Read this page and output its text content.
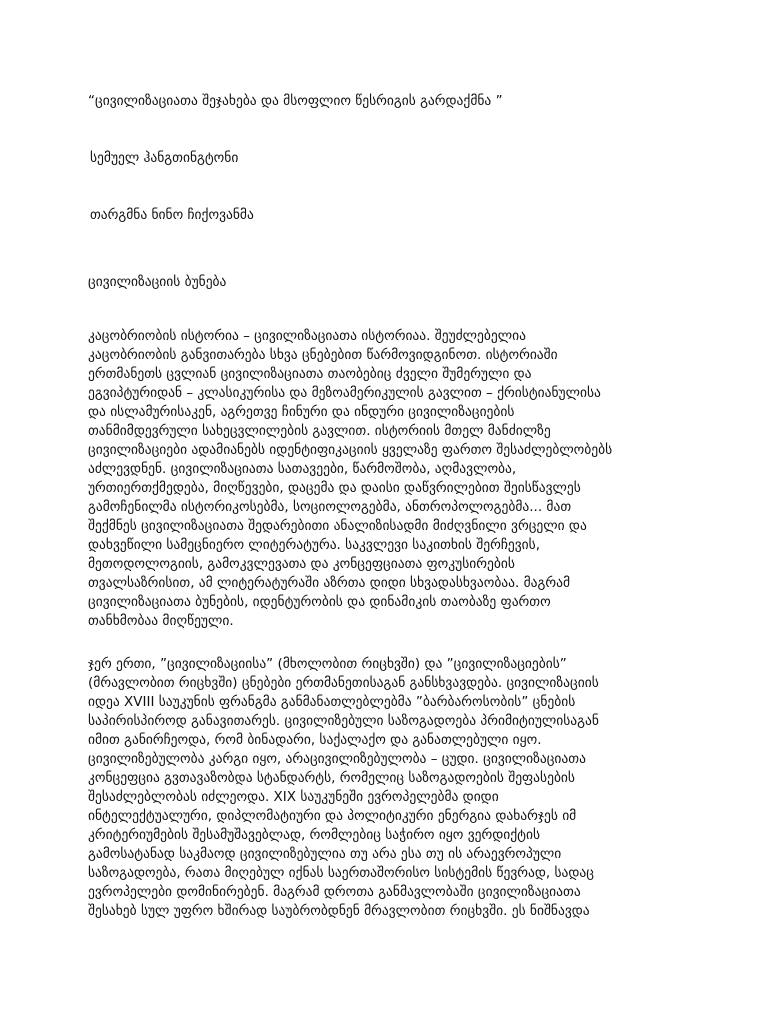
“ცივილიზაციათა შეჯახება და მსოფლიო წესრიგის გარდაქმნა ”

სემუელ ჰანგთინგტონი

თარგმნა ნინო ჩიქოვანმა

ცივილიზაციის ბუნება

კაცობრიობის ისტორია – ცივილიზაციათა ისტორიაა. შეუძლებელია
კაცობრიობის განვითარება სხვა ცნებებით წარმოვიდგინოთ. ისტორიაში
ერთმანეთს ცვლიან ცივილიზაციათა თაობებიც ძველი შუმერული და
ეგვიპტურიდან – კლასიკურისა და მეზოამერიკულის გავლით – ქრისტიანულისა
და ისლამურისაკენ, აგრეთვე ჩინური და ინდური ცივილიზაციების
თანმიმდევრული სახეცვლილების გავლით. ისტორიის მთელ მანძილზე
ცივილიზაციები ადამიანებს იდენტიფიკაციის ყველაზე ფართო შესაძლებლობებს
აძლევდნენ. ცივილიზაციათა სათავეები, წარმოშობა, აღმავლობა,
ურთიერთქმედება, მიღწევები, დაცემა და დაისი დაწვრილებით შეისწავლეს
გამოჩენილმა ისტორიკოსებმა, სოციოლოგებმა, ანთროპოლოგებმა... მათ
შექმნეს ცივილიზაციათა შედარებითი ანალიზისადმი მიძღვნილი ვრცელი და
დახვეწილი სამეცნიერო ლიტერატურა. საკვლევი საკითხის შერჩევის,
მეთოდოლოგიის, გამოკვლევათა და კონცეფციათა ფოკუსირების
თვალსაზრისით, ამ ლიტერატურაში აზრთა დიდი სხვადასხვაობაა. მაგრამ
ცივილიზაციათა ბუნების, იდენტურობის და დინამიკის თაობაზე ფართო
თანხმობაა მიღწეული.
ჯერ ერთი, ”ცივილიზაციისა” (მხოლობით რიცხვში) და ”ცივილიზაციების”
(მრავლობით რიცხვში) ცნებები ერთმანეთისაგან განსხვავდება. ცივილიზაციის
იდეა XVIII საუკუნის ფრანგმა განმანათლებლებმა ”ბარბაროსობის” ცნების
საპირისპიროდ განავითარეს. ცივილიზებული საზოგადოება პრიმიტიულისაგან
იმით განირჩეოდა, რომ ბინადარი, საქალაქო და განათლებული იყო.
ცივილიზებულობა კარგი იყო, არაცივილიზებულობა – ცუდი. ცივილიზაციათა
კონცეფცია გვთავაზობდა სტანდარტს, რომელიც საზოგადოების შეფასების
შესაძლებლობას იძლეოდა. XIX საუკუნეში ევროპელებმა დიდი
ინტელექტუალური, დიპლომატიური და პოლიტიკური ენერგია დახარჯეს იმ
კრიტერიუმების შესამუშავებლად, რომლებიც საჭირო იყო ვერდიქტის
გამოსატანად საკმაოდ ცივილიზებულია თუ არა ესა თუ ის არაევროპული
საზოგადოება, რათა მიღებულ იქნას საერთაშორისო სისტემის წევრად, სადაც
ევროპელები დომინირებენ. მაგრამ დროთა განმავლობაში ცივილიზაციათა
შესახებ სულ უფრო ხშირად საუბრობდნენ მრავლობით რიცხვში. ეს ნიშნავდა
